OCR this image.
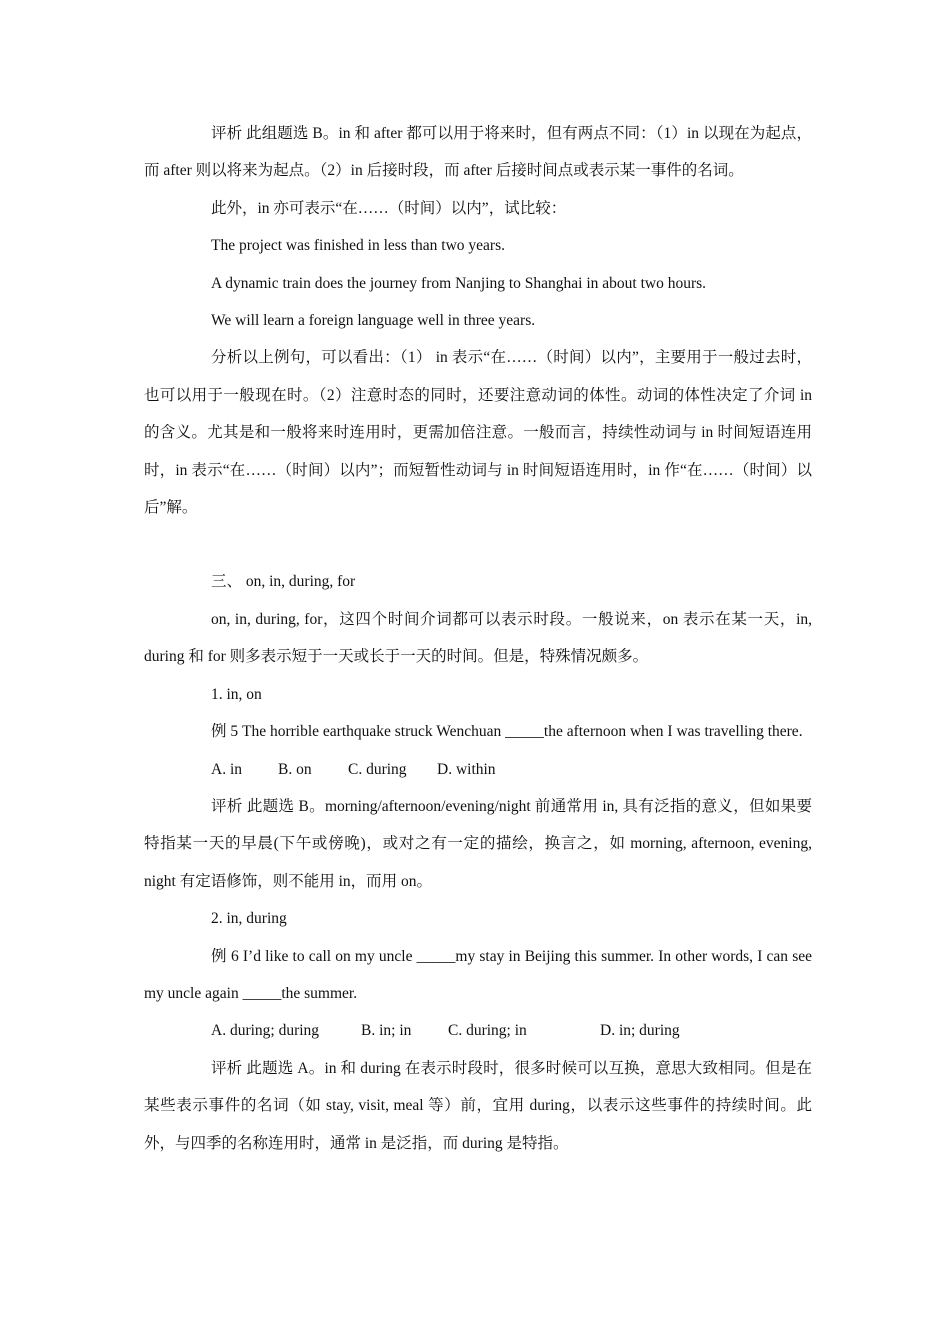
评析 此组题选 B。in 和 after 都可以用于将来时，但有两点不同：（1）in 以现在为起点，而 after 则以将来为起点。（2）in 后接时段，而 after 后接时间点或表示某一事件的名词。

此外，in 亦可表示“在……（时间）以内”，试比较：

The project was finished in less than two years.

A dynamic train does the journey from Nanjing to Shanghai in about two hours.

We will learn a foreign language well in three years.

分析以上例句，可以看出：（1） in 表示“在……（时间）以内”，主要用于一般过去时，也可以用于一般现在时。（2）注意时态的同时，还要注意动词的体性。动词的体性决定了介词 in 的含义。尤其是和一般将来时连用时，更需加倍注意。一般而言，持续性动词与 in 时间短语连用时，in 表示“在……（时间）以内”；而短暂性动词与 in 时间短语连用时，in 作“在……（时间）以后”解。

三、 on, in, during, for

on, in, during, for，这四个时间介词都可以表示时段。一般说来，on 表示在某一天，in, during 和 for 则多表示短于一天或长于一天的时间。但是，特殊情况颇多。

1. in, on

例 5 The horrible earthquake struck Wenchuan _____the afternoon when I was travelling there.

A. in B. on C. during D. within

评析 此题选 B。morning/afternoon/evening/night 前通常用 in, 具有泛指的意义，但如果要特指某一天的早晨(下午或傍晚)，或对之有一定的描绘，换言之，如 morning, afternoon, evening, night 有定语修饰，则不能用 in，而用 on。

2. in, during

例 6 I’d like to call on my uncle _____my stay in Beijing this summer. In other words, I can see my uncle again _____the summer.

A. during; during	B. in; in C. during; in	D. in; during

评析 此题选 A。in 和 during 在表示时段时，很多时候可以互换，意思大致相同。但是在某些表示事件的名词（如 stay, visit, meal 等）前，宜用 during，以表示这些事件的持续时间。此外，与四季的名称连用时，通常 in 是泛指，而 during 是特指。
